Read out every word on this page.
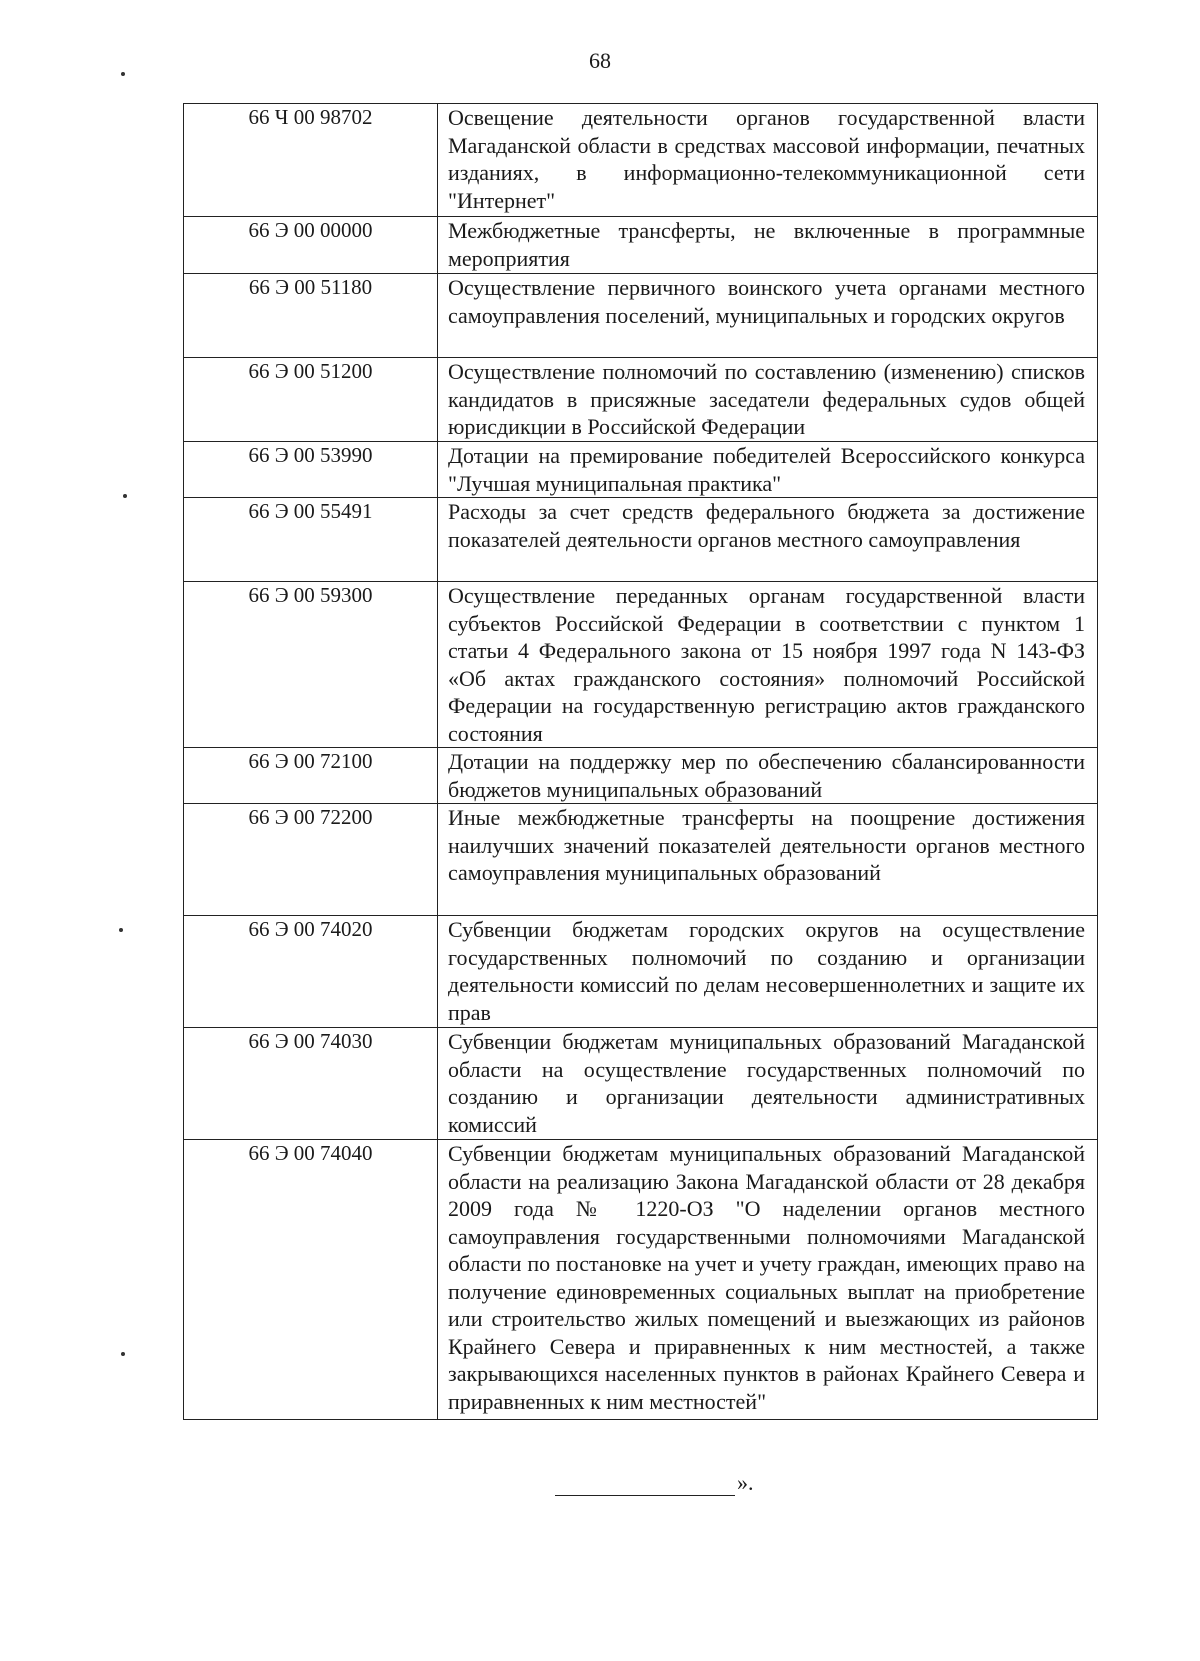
68
66 Ч 00 98702	Освещение деятельности органов государственной власти Магаданской области в средствах массовой информации, печатных изданиях, в информационно-телекоммуникационной сети "Интернет"
66 Э 00 00000	Межбюджетные трансферты, не включенные в программные мероприятия
66 Э 00 51180	Осуществление первичного воинского учета органами местного самоуправления поселений, муниципальных и городских округов
66 Э 00 51200	Осуществление полномочий по составлению (изменению) списков кандидатов в присяжные заседатели федеральных судов общей юрисдикции в Российской Федерации
66 Э 00 53990	Дотации на премирование победителей Всероссийского конкурса "Лучшая муниципальная практика"
66 Э 00 55491	Расходы за счет средств федерального бюджета за достижение показателей деятельности органов местного самоуправления
66 Э 00 59300	Осуществление переданных органам государственной власти субъектов Российской Федерации в соответствии с пунктом 1 статьи 4 Федерального закона от 15 ноября 1997 года N 143-ФЗ «Об актах гражданского состояния» полномочий Российской Федерации на государственную регистрацию актов гражданского состояния
66 Э 00 72100	Дотации на поддержку мер по обеспечению сбалансированности бюджетов муниципальных образований
66 Э 00 72200	Иные межбюджетные трансферты на поощрение достижения наилучших значений показателей деятельности органов местного самоуправления муниципальных образований
66 Э 00 74020	Субвенции бюджетам городских округов на осуществление государственных полномочий по созданию и организации деятельности комиссий по делам несовершеннолетних и защите их прав
66 Э 00 74030	Субвенции бюджетам муниципальных образований Магаданской области на осуществление государственных полномочий по созданию и организации деятельности административных комиссий
66 Э 00 74040	Субвенции бюджетам муниципальных образований Магаданской области на реализацию Закона Магаданской области от 28 декабря 2009 года № 1220-ОЗ "О наделении органов местного самоуправления государственными полномочиями Магаданской области по постановке на учет и учету граждан, имеющих право на получение единовременных социальных выплат на приобретение или строительство жилых помещений и выезжающих из районов Крайнего Севера и приравненных к ним местностей, а также закрывающихся населенных пунктов в районах Крайнего Севера и приравненных к ним местностей"
».
